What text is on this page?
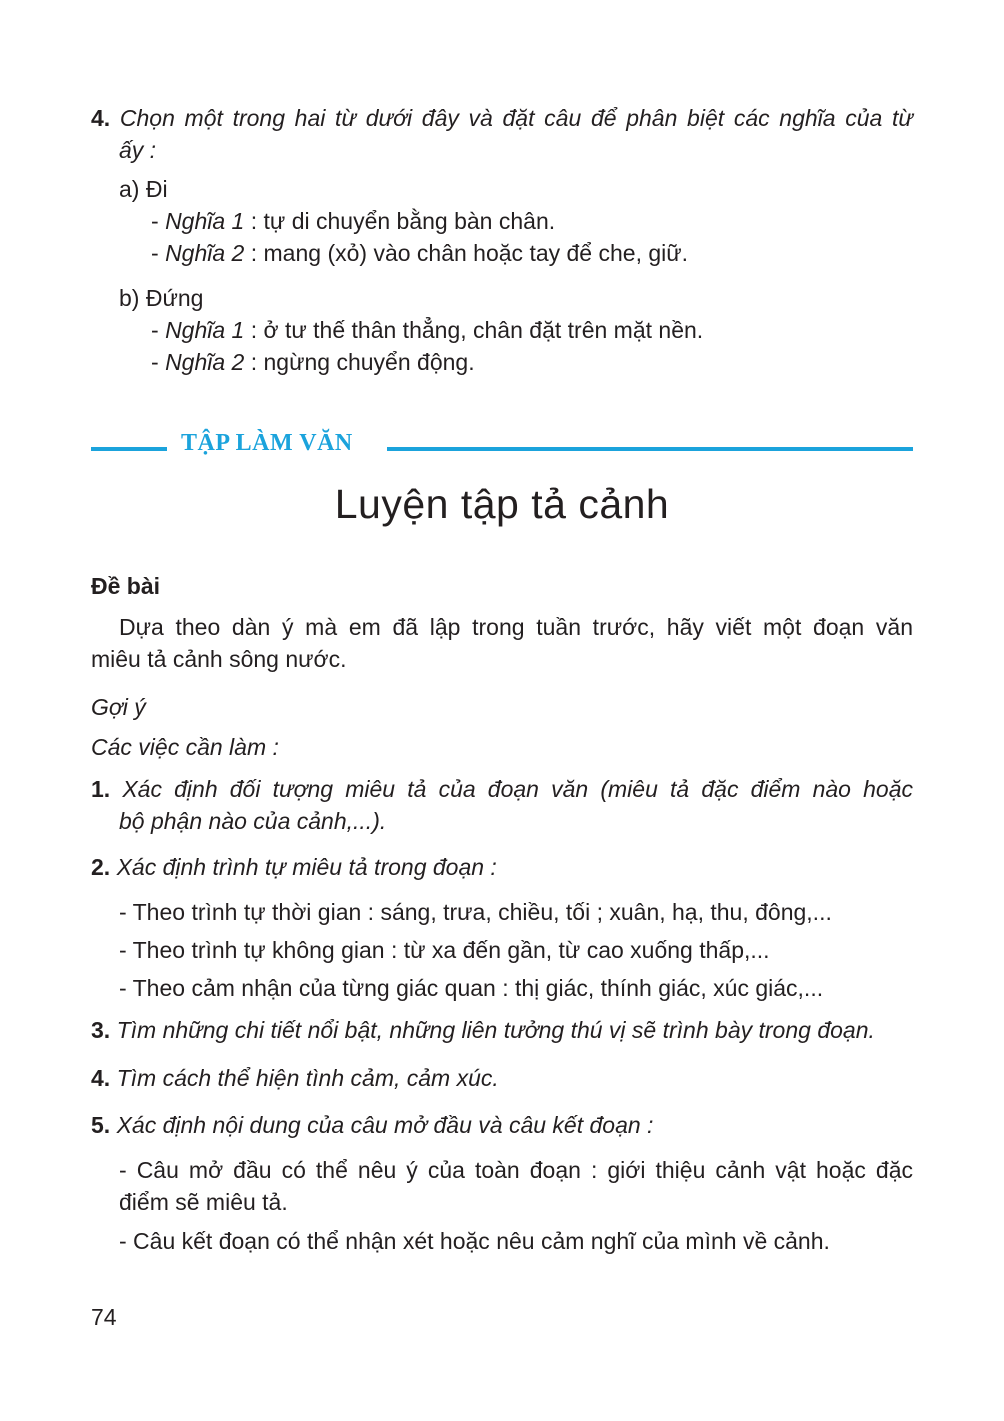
4. Chọn một trong hai từ dưới đây và đặt câu để phân biệt các nghĩa của từ
ấy :
a) Đi
- Nghĩa 1 : tự di chuyển bằng bàn chân.
- Nghĩa 2 : mang (xỏ) vào chân hoặc tay để che, giữ.
b) Đứng
- Nghĩa 1 : ở tư thế thân thẳng, chân đặt trên mặt nền.
- Nghĩa 2 : ngừng chuyển động.
TẬP LÀM VĂN
Luyện tập tả cảnh
Đề bài
Dựa theo dàn ý mà em đã lập trong tuần trước, hãy viết một đoạn văn
miêu tả cảnh sông nước.
Gợi ý
Các việc cần làm :
1. Xác định đối tượng miêu tả của đoạn văn (miêu tả đặc điểm nào hoặc
bộ phận nào của cảnh,...).
2. Xác định trình tự miêu tả trong đoạn :
- Theo trình tự thời gian : sáng, trưa, chiều, tối ; xuân, hạ, thu, đông,...
- Theo trình tự không gian : từ xa đến gần, từ cao xuống thấp,...
- Theo cảm nhận của từng giác quan : thị giác, thính giác, xúc giác,...
3. Tìm những chi tiết nổi bật, những liên tưởng thú vị sẽ trình bày trong đoạn.
4. Tìm cách thể hiện tình cảm, cảm xúc.
5. Xác định nội dung của câu mở đầu và câu kết đoạn :
- Câu mở đầu có thể nêu ý của toàn đoạn : giới thiệu cảnh vật hoặc đặc
điểm sẽ miêu tả.
- Câu kết đoạn có thể nhận xét hoặc nêu cảm nghĩ của mình về cảnh.
74
